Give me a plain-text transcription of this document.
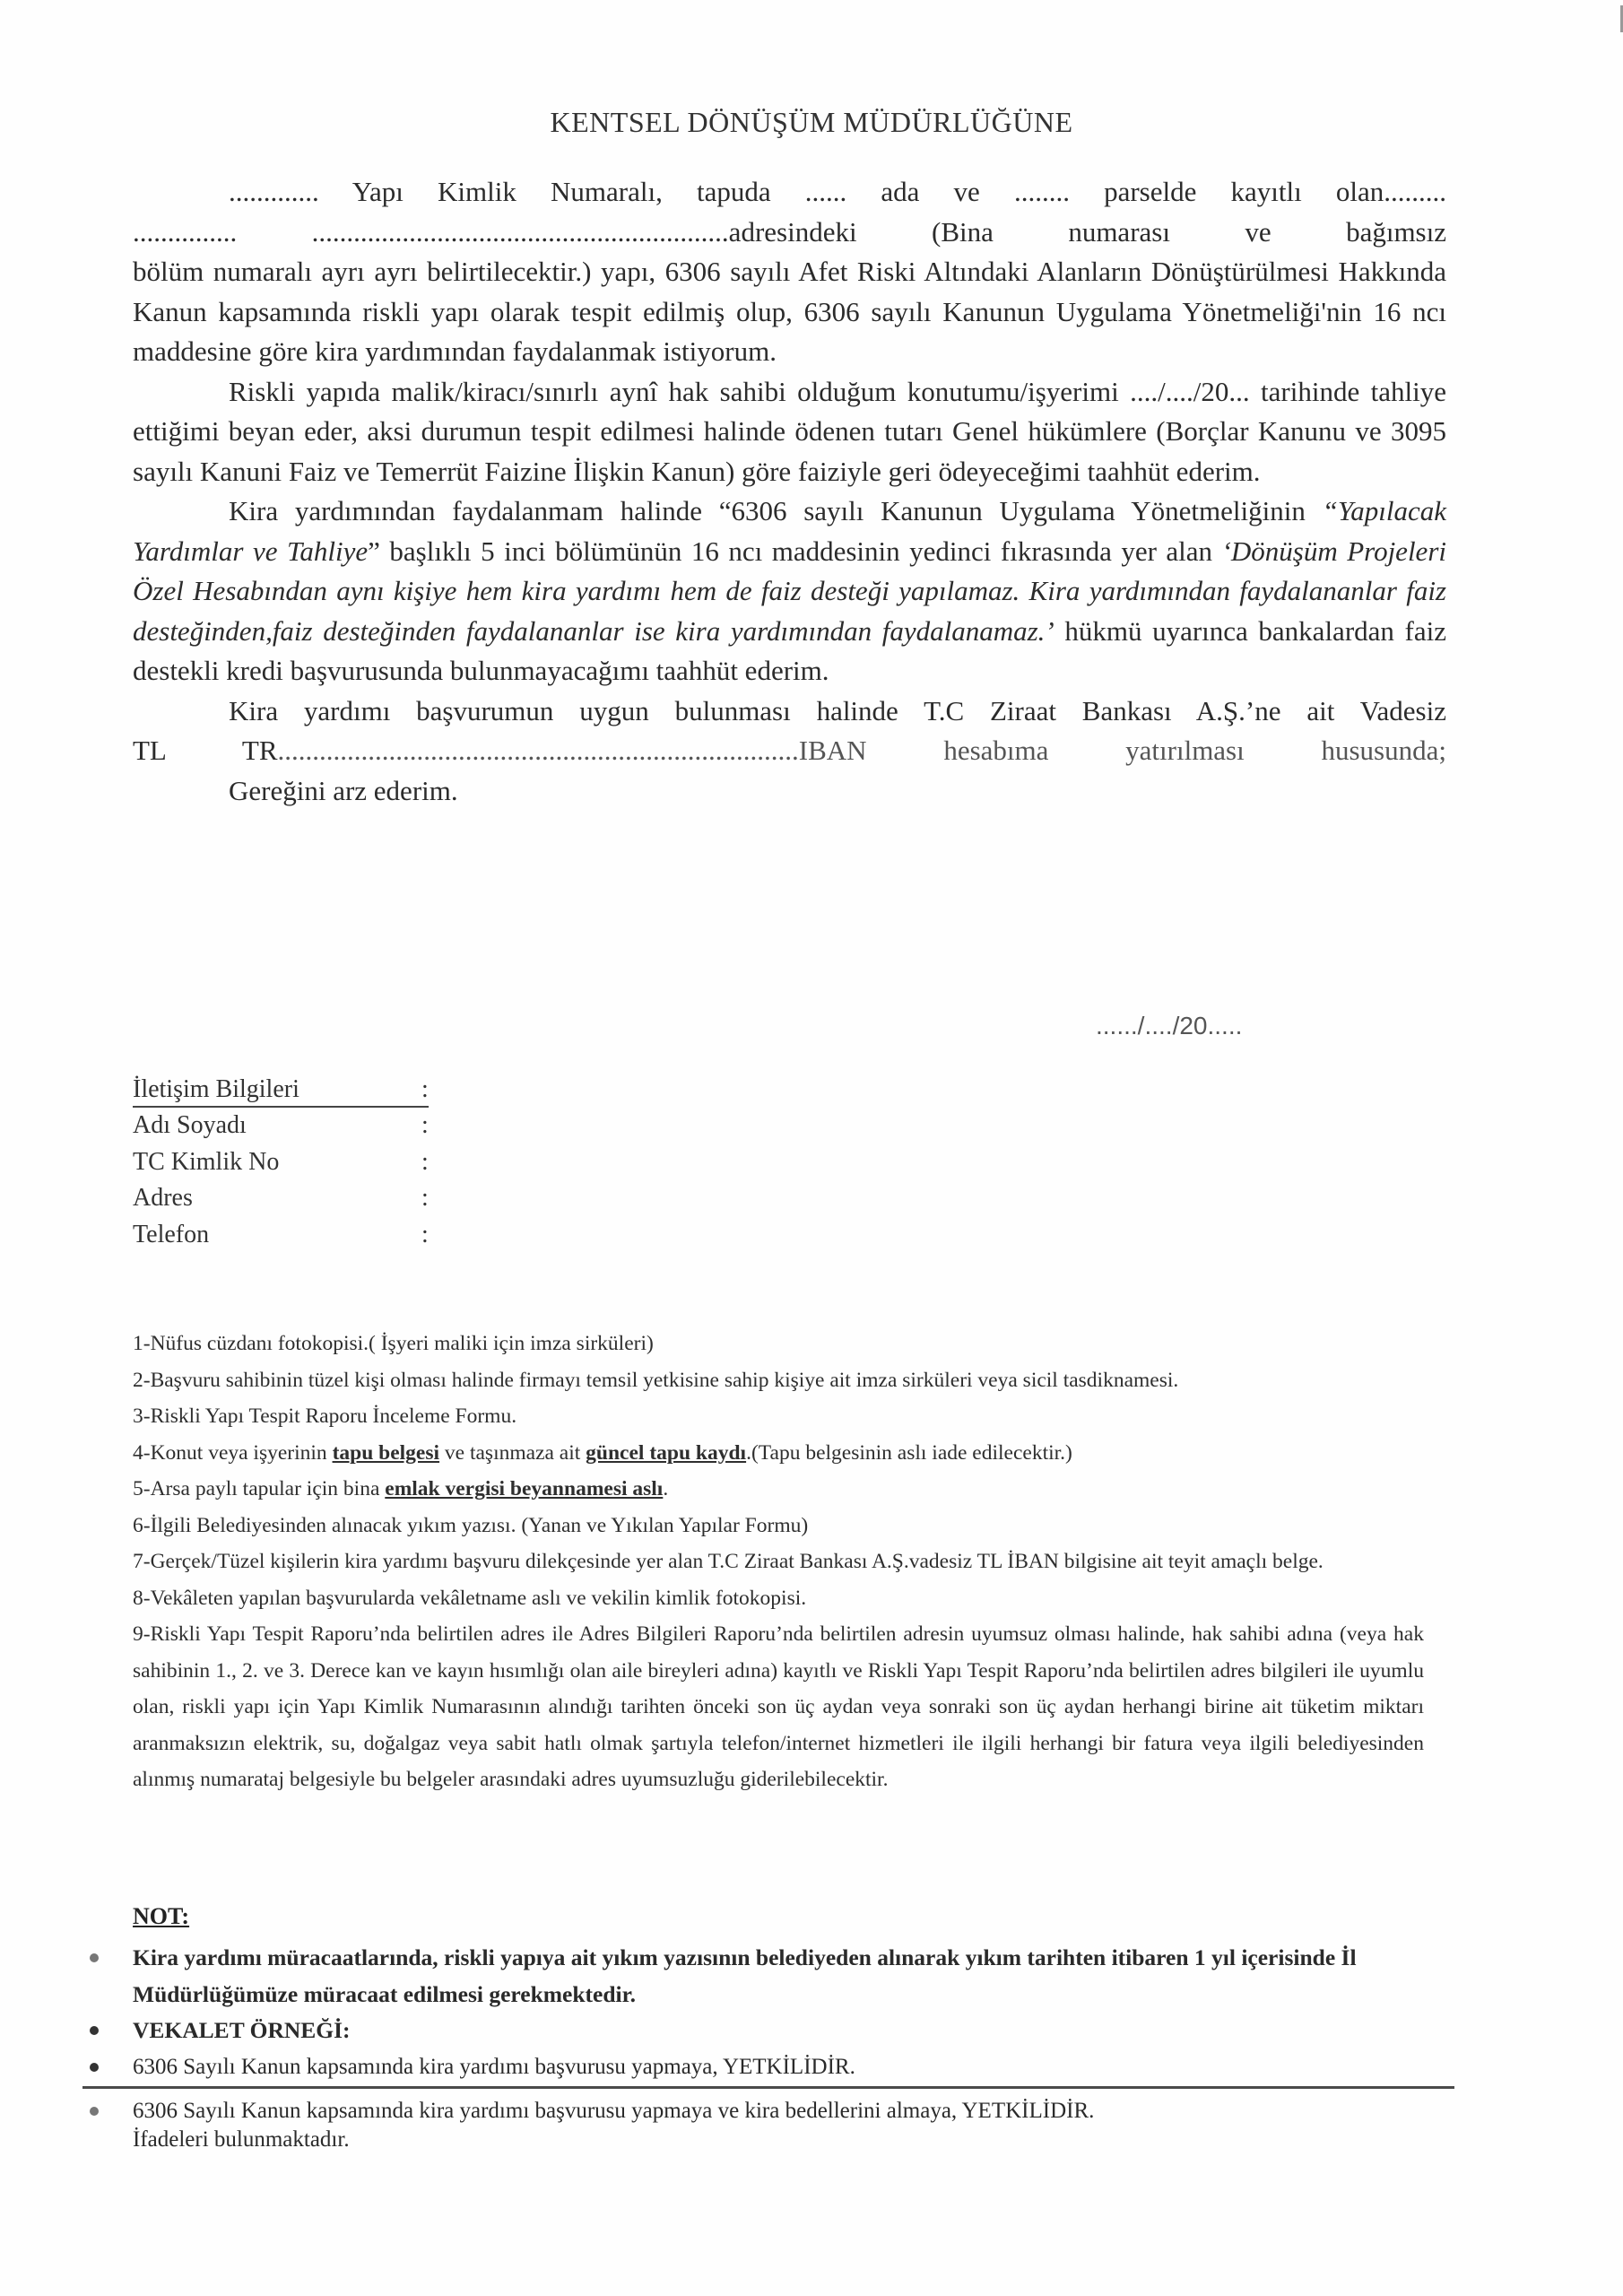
KENTSEL DÖNÜŞÜM MÜDÜRLÜĞÜNE

............. Yapı Kimlik Numaralı, tapuda ...... ada ve ........ parselde kayıtlı olan.........

............... ............................................................adresindeki (Bina numarası ve bağımsız

bölüm numaralı ayrı ayrı belirtilecektir.) yapı, 6306 sayılı Afet Riski Altındaki Alanların Dönüştürülmesi Hakkında Kanun kapsamında riskli yapı olarak tespit edilmiş olup, 6306 sayılı Kanunun Uygulama Yönetmeliği'nin 16 ncı maddesine göre kira yardımından faydalanmak istiyorum.

Riskli yapıda malik/kiracı/sınırlı aynî hak sahibi olduğum konutumu/işyerimi ..../..../20... tarihinde tahliye ettiğimi beyan eder, aksi durumun tespit edilmesi halinde ödenen tutarı Genel hükümlere (Borçlar Kanunu ve 3095 sayılı Kanuni Faiz ve Temerrüt Faizine İlişkin Kanun) göre faiziyle geri ödeyeceğimi taahhüt ederim.

Kira yardımından faydalanmam halinde “6306 sayılı Kanunun Uygulama Yönetmeliğinin “Yapılacak Yardımlar ve Tahliye” başlıklı 5 inci bölümünün 16 ncı maddesinin yedinci fıkrasında yer alan ‘Dönüşüm Projeleri Özel Hesabından aynı kişiye hem kira yardımı hem de faiz desteği yapılamaz. Kira yardımından faydalananlar faiz desteğinden,faiz desteğinden faydalananlar ise kira yardımından faydalanamaz.’ hükmü uyarınca bankalardan faiz destekli kredi başvurusunda bulunmayacağımı taahhüt ederim.

Kira yardımı başvurumun uygun bulunması halinde T.C Ziraat Bankası A.Ş.’ne ait Vadesiz

TL TR...........................................................................IBAN hesabıma yatırılması hususunda;

Gereğini arz ederim.

....../..../20.....
İletişim Bilgileri	:
Adı Soyadı	:
TC Kimlik No	:
Adres	:
Telefon	:

1-Nüfus cüzdanı fotokopisi.( İşyeri maliki için imza sirküleri)

2-Başvuru sahibinin tüzel kişi olması halinde firmayı temsil yetkisine sahip kişiye ait imza sirküleri veya sicil tasdiknamesi.

3-Riskli Yapı Tespit Raporu İnceleme Formu.

4-Konut veya işyerinin tapu belgesi ve taşınmaza ait güncel tapu kaydı.(Tapu belgesinin aslı iade edilecektir.)

5-Arsa paylı tapular için bina emlak vergisi beyannamesi aslı.

6-İlgili Belediyesinden alınacak yıkım yazısı. (Yanan ve Yıkılan Yapılar Formu)

7-Gerçek/Tüzel kişilerin kira yardımı başvuru dilekçesinde yer alan T.C Ziraat Bankası A.Ş.vadesiz TL İBAN bilgisine ait teyit amaçlı belge.

8-Vekâleten yapılan başvurularda vekâletname aslı ve vekilin kimlik fotokopisi.

9-Riskli Yapı Tespit Raporu’nda belirtilen adres ile Adres Bilgileri Raporu’nda belirtilen adresin uyumsuz olması halinde, hak sahibi adına (veya hak sahibinin 1., 2. ve 3. Derece kan ve kayın hısımlığı olan aile bireyleri adına) kayıtlı ve Riskli Yapı Tespit Raporu’nda belirtilen adres bilgileri ile uyumlu olan, riskli yapı için Yapı Kimlik Numarasının alındığı tarihten önceki son üç aydan veya sonraki son üç aydan herhangi birine ait tüketim miktarı aranmaksızın elektrik, su, doğalgaz veya sabit hatlı olmak şartıyla telefon/internet hizmetleri ile ilgili herhangi bir fatura veya ilgili belediyesinden alınmış numarataj belgesiyle bu belgeler arasındaki adres uyumsuzluğu giderilebilecektir.

NOT:
Kira yardımı müracaatlarında, riskli yapıya ait yıkım yazısının belediyeden alınarak yıkım tarihten itibaren 1 yıl içerisinde İl Müdürlüğümüze müracaat edilmesi gerekmektedir.
VEKALET ÖRNEĞİ:
6306 Sayılı Kanun kapsamında kira yardımı başvurusu yapmaya, YETKİLİDİR.
6306 Sayılı Kanun kapsamında kira yardımı başvurusu yapmaya ve kira bedellerini almaya, YETKİLİDİR.
İfadeleri bulunmaktadır.
